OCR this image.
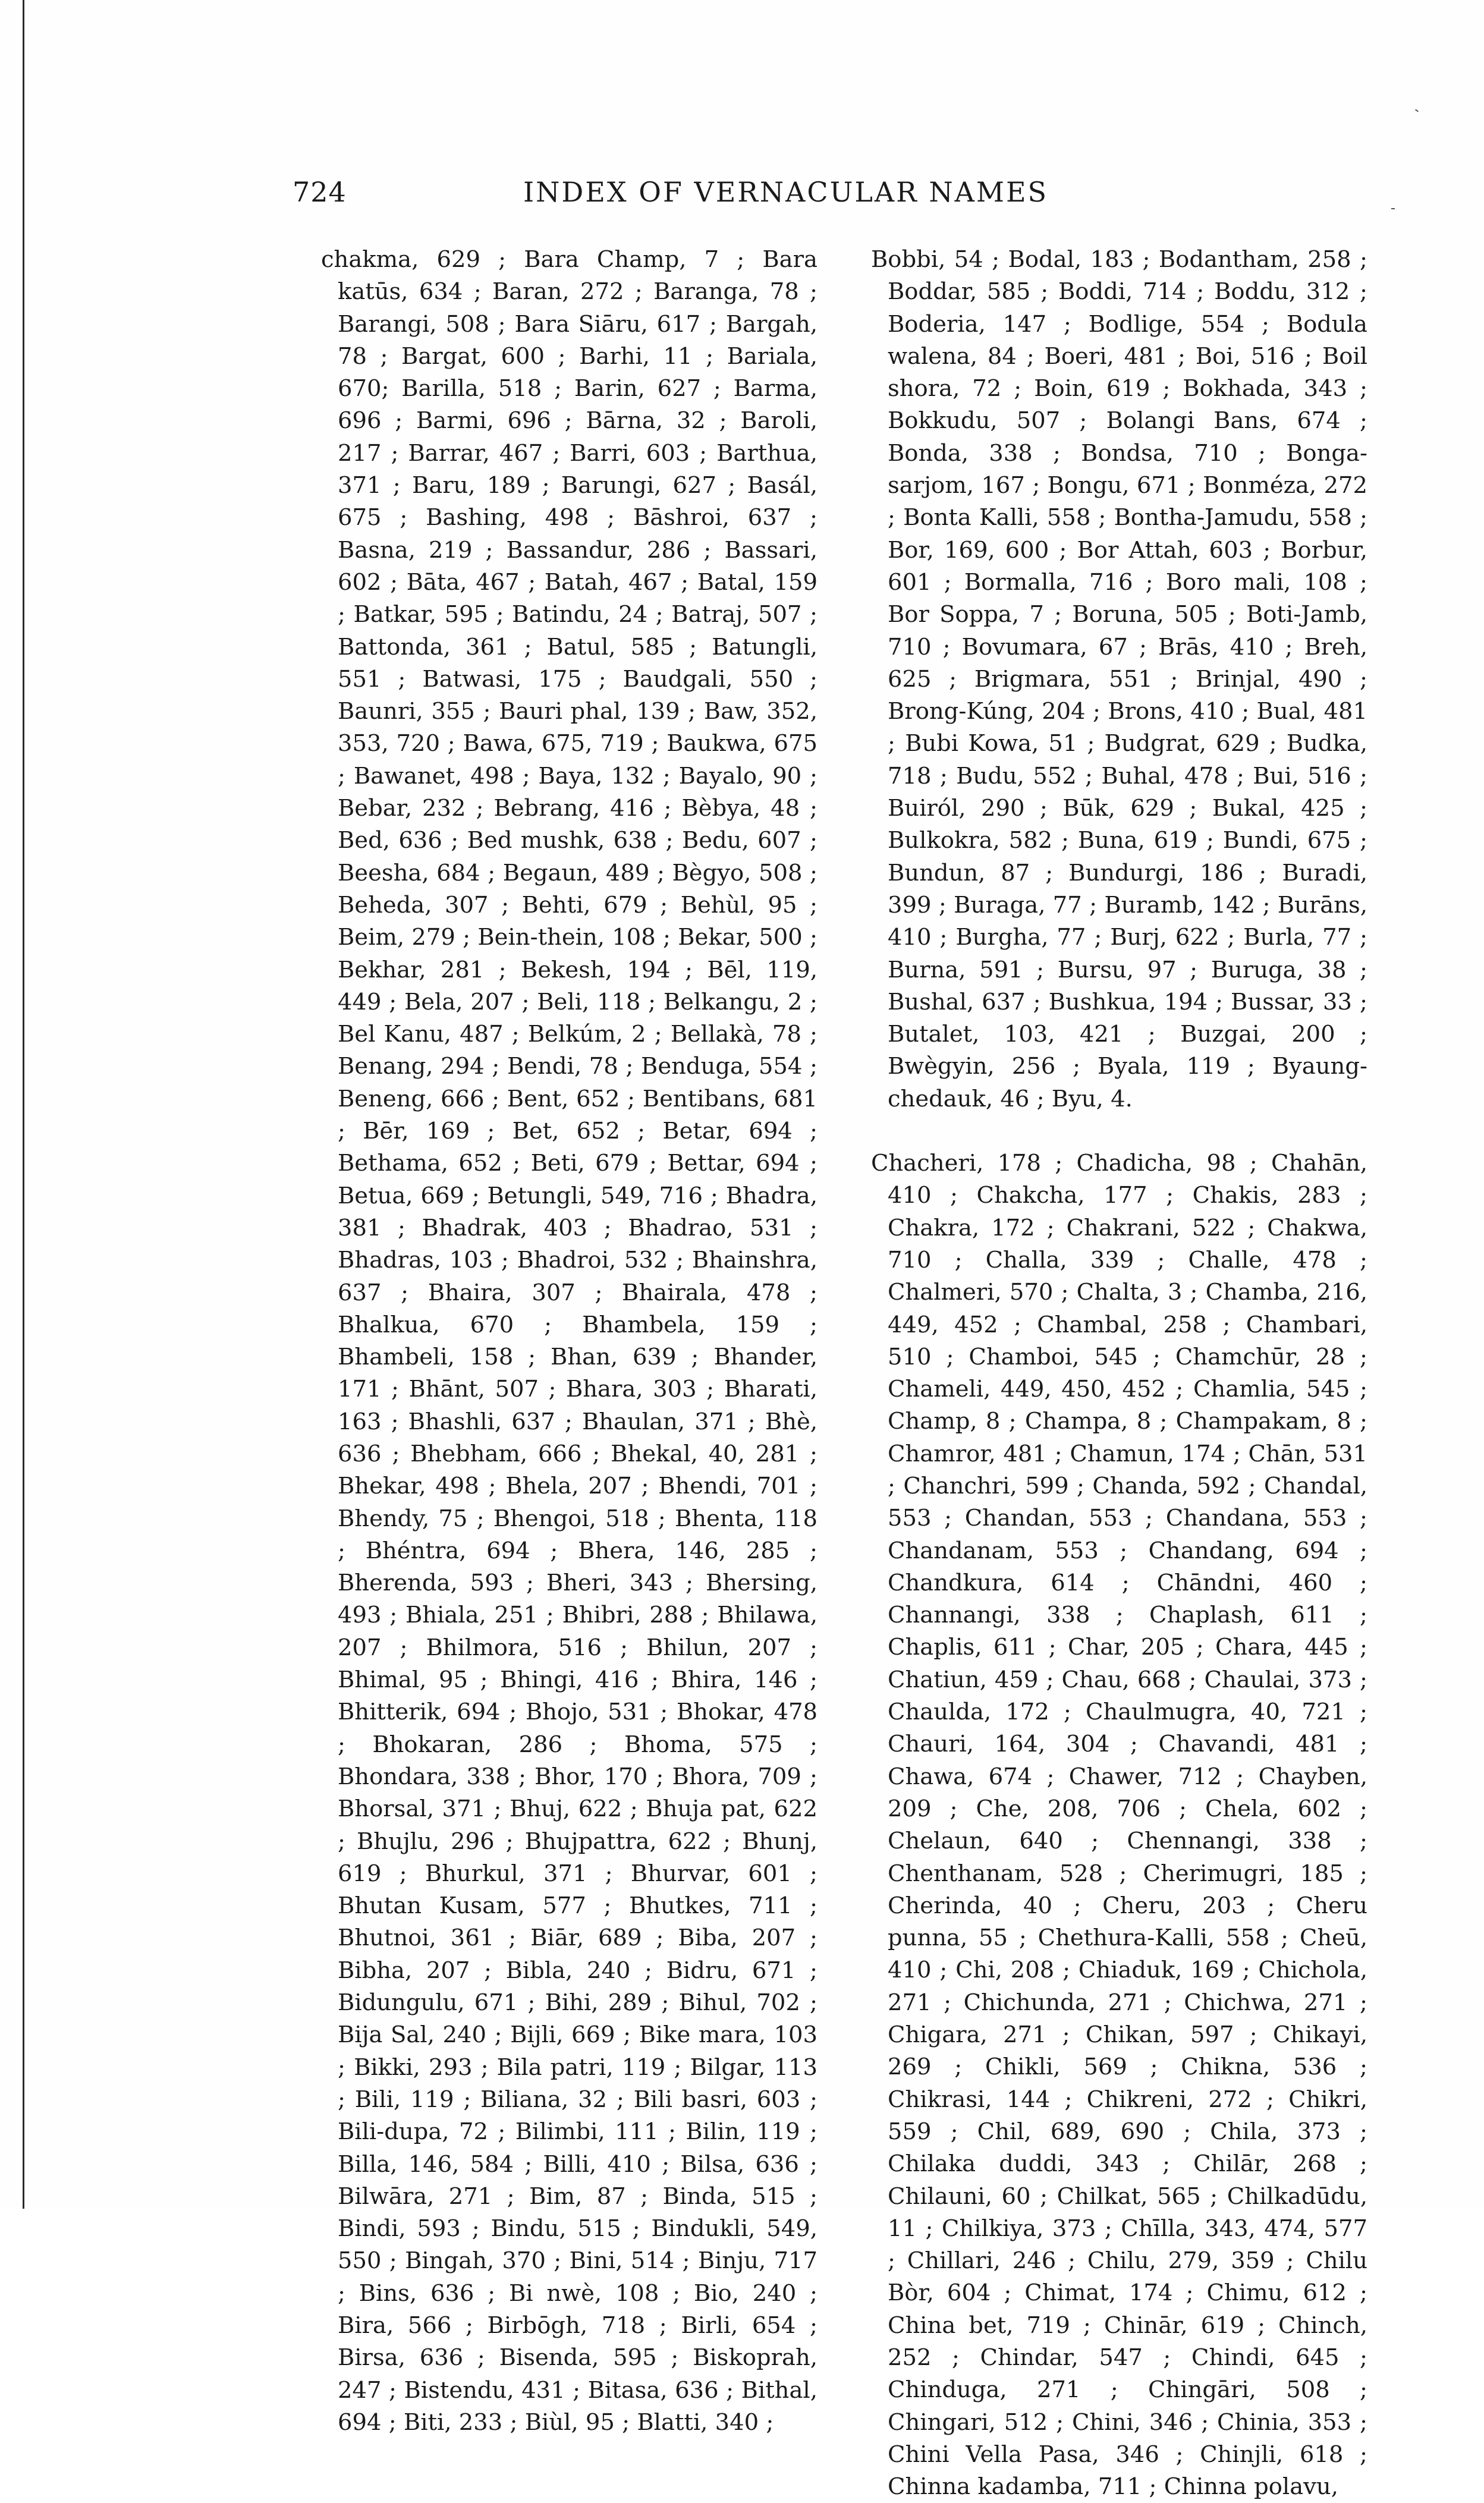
724	INDEX OF VERNACULAR NAMES

chakma, 629 ; Bara Champ, 7 ; Bara katūs, 634 ; Baran, 272 ; Baranga, 78 ; Barangi, 508 ; Bara Siāru, 617 ; Bargah, 78 ; Bargat, 600 ; Barhi, 11 ; Bariala, 670; Barilla, 518 ; Barin, 627 ; Barma, 696 ; Barmi, 696 ; Bārna, 32 ; Baroli, 217 ; Barrar, 467 ; Barri, 603 ; Barthua, 371 ; Baru, 189 ; Barungi, 627 ; Basál, 675 ; Bashing, 498 ; Bāshroi, 637 ; Basna, 219 ; Bassandur, 286 ; Bassari, 602 ; Bāta, 467 ; Batah, 467 ; Batal, 159 ; Batkar, 595 ; Batindu, 24 ; Batraj, 507 ; Battonda, 361 ; Batul, 585 ; Batungli, 551 ; Batwasi, 175 ; Baudgali, 550 ; Baunri, 355 ; Bauri phal, 139 ; Baw, 352, 353, 720 ; Bawa, 675, 719 ; Baukwa, 675 ; Bawanet, 498 ; Baya, 132 ; Bayalo, 90 ; Bebar, 232 ; Bebrang, 416 ; Bèbya, 48 ; Bed, 636 ; Bed mushk, 638 ; Bedu, 607 ; Beesha, 684 ; Begaun, 489 ; Bègyo, 508 ; Beheda, 307 ; Behti, 679 ; Behùl, 95 ; Beim, 279 ; Bein-thein, 108 ; Bekar, 500 ; Bekhar, 281 ; Bekesh, 194 ; Bēl, 119, 449 ; Bela, 207 ; Beli, 118 ; Belkangu, 2 ; Bel Kanu, 487 ; Belkúm, 2 ; Bellakà, 78 ; Benang, 294 ; Bendi, 78 ; Benduga, 554 ; Beneng, 666 ; Bent, 652 ; Bentibans, 681 ; Bēr, 169 ; Bet, 652 ; Betar, 694 ; Bethama, 652 ; Beti, 679 ; Bettar, 694 ; Betua, 669 ; Betungli, 549, 716 ; Bhadra, 381 ; Bhadrak, 403 ; Bhadrao, 531 ; Bhadras, 103 ; Bhadroi, 532 ; Bhainshra, 637 ; Bhaira, 307 ; Bhairala, 478 ; Bhalkua, 670 ; Bhambela, 159 ; Bhambeli, 158 ; Bhan, 639 ; Bhander, 171 ; Bhānt, 507 ; Bhara, 303 ; Bharati, 163 ; Bhashli, 637 ; Bhaulan, 371 ; Bhè, 636 ; Bhebham, 666 ; Bhekal, 40, 281 ; Bhekar, 498 ; Bhela, 207 ; Bhendi, 701 ; Bhendy, 75 ; Bhengoi, 518 ; Bhenta, 118 ; Bhéntra, 694 ; Bhera, 146, 285 ; Bherenda, 593 ; Bheri, 343 ; Bhersing, 493 ; Bhiala, 251 ; Bhibri, 288 ; Bhilawa, 207 ; Bhilmora, 516 ; Bhilun, 207 ; Bhimal, 95 ; Bhingi, 416 ; Bhira, 146 ; Bhitterik, 694 ; Bhojo, 531 ; Bhokar, 478 ; Bhokaran, 286 ; Bhoma, 575 ; Bhondara, 338 ; Bhor, 170 ; Bhora, 709 ; Bhorsal, 371 ; Bhuj, 622 ; Bhuja pat, 622 ; Bhujlu, 296 ; Bhujpattra, 622 ; Bhunj, 619 ; Bhurkul, 371 ; Bhurvar, 601 ; Bhutan Kusam, 577 ; Bhutkes, 711 ; Bhutnoi, 361 ; Biār, 689 ; Biba, 207 ; Bibha, 207 ; Bibla, 240 ; Bidru, 671 ; Bidungulu, 671 ; Bihi, 289 ; Bihul, 702 ; Bija Sal, 240 ; Bijli, 669 ; Bike mara, 103 ; Bikki, 293 ; Bila patri, 119 ; Bilgar, 113 ; Bili, 119 ; Biliana, 32 ; Bili basri, 603 ; Bili-dupa, 72 ; Bilimbi, 111 ; Bilin, 119 ; Billa, 146, 584 ; Billi, 410 ; Bilsa, 636 ; Bilwāra, 271 ; Bim, 87 ; Binda, 515 ; Bindi, 593 ; Bindu, 515 ; Bindukli, 549, 550 ; Bingah, 370 ; Bini, 514 ; Binju, 717 ; Bins, 636 ; Bi nwè, 108 ; Bio, 240 ; Bira, 566 ; Birbōgh, 718 ; Birli, 654 ; Birsa, 636 ; Bisenda, 595 ; Biskoprah, 247 ; Bistendu, 431 ; Bitasa, 636 ; Bithal, 694 ; Biti, 233 ; Biùl, 95 ; Blatti, 340 ;

Bobbi, 54 ; Bodal, 183 ; Bodantham, 258 ; Boddar, 585 ; Boddi, 714 ; Boddu, 312 ; Boderia, 147 ; Bodlige, 554 ; Bodula walena, 84 ; Boeri, 481 ; Boi, 516 ; Boil shora, 72 ; Boin, 619 ; Bokhada, 343 ; Bokkudu, 507 ; Bolangi Bans, 674 ; Bonda, 338 ; Bondsa, 710 ; Bonga-sarjom, 167 ; Bongu, 671 ; Bonméza, 272 ; Bonta Kalli, 558 ; Bontha-Jamudu, 558 ; Bor, 169, 600 ; Bor Attah, 603 ; Borbur, 601 ; Bormalla, 716 ; Boro mali, 108 ; Bor Soppa, 7 ; Boruna, 505 ; Boti-Jamb, 710 ; Bovumara, 67 ; Brās, 410 ; Breh, 625 ; Brigmara, 551 ; Brinjal, 490 ; Brong-Kúng, 204 ; Brons, 410 ; Bual, 481 ; Bubi Kowa, 51 ; Budgrat, 629 ; Budka, 718 ; Budu, 552 ; Buhal, 478 ; Bui, 516 ; Buiról, 290 ; Būk, 629 ; Bukal, 425 ; Bulkokra, 582 ; Buna, 619 ; Bundi, 675 ; Bundun, 87 ; Bundurgi, 186 ; Buradi, 399 ; Buraga, 77 ; Buramb, 142 ; Burāns, 410 ; Burgha, 77 ; Burj, 622 ; Burla, 77 ; Burna, 591 ; Bursu, 97 ; Buruga, 38 ; Bushal, 637 ; Bushkua, 194 ; Bussar, 33 ; Butalet, 103, 421 ; Buzgai, 200 ; Bwègyin, 256 ; Byala, 119 ; Byaung-chedauk, 46 ; Byu, 4.

Chacheri, 178 ; Chadicha, 98 ; Chahān, 410 ; Chakcha, 177 ; Chakis, 283 ; Chakra, 172 ; Chakrani, 522 ; Chakwa, 710 ; Challa, 339 ; Challe, 478 ; Chalmeri, 570 ; Chalta, 3 ; Chamba, 216, 449, 452 ; Chambal, 258 ; Chambari, 510 ; Chamboi, 545 ; Chamchūr, 28 ; Chameli, 449, 450, 452 ; Chamlia, 545 ; Champ, 8 ; Champa, 8 ; Champakam, 8 ; Chamror, 481 ; Chamun, 174 ; Chān, 531 ; Chanchri, 599 ; Chanda, 592 ; Chandal, 553 ; Chandan, 553 ; Chandana, 553 ; Chandanam, 553 ; Chandang, 694 ; Chandkura, 614 ; Chāndni, 460 ; Channangi, 338 ; Chaplash, 611 ; Chaplis, 611 ; Char, 205 ; Chara, 445 ; Chatiun, 459 ; Chau, 668 ; Chaulai, 373 ; Chaulda, 172 ; Chaulmugra, 40, 721 ; Chauri, 164, 304 ; Chavandi, 481 ; Chawa, 674 ; Chawer, 712 ; Chayben, 209 ; Che, 208, 706 ; Chela, 602 ; Chelaun, 640 ; Chennangi, 338 ; Chenthanam, 528 ; Cherimugri, 185 ; Cherinda, 40 ; Cheru, 203 ; Cheru punna, 55 ; Chethura-Kalli, 558 ; Cheū, 410 ; Chi, 208 ; Chiaduk, 169 ; Chichola, 271 ; Chichunda, 271 ; Chichwa, 271 ; Chigara, 271 ; Chikan, 597 ; Chikayi, 269 ; Chikli, 569 ; Chikna, 536 ; Chikrasi, 144 ; Chikreni, 272 ; Chikri, 559 ; Chil, 689, 690 ; Chila, 373 ; Chilaka duddi, 343 ; Chilār, 268 ; Chilauni, 60 ; Chilkat, 565 ; Chilkadūdu, 11 ; Chilkiya, 373 ; Chīlla, 343, 474, 577 ; Chillari, 246 ; Chilu, 279, 359 ; Chilu Bòr, 604 ; Chimat, 174 ; Chimu, 612 ; China bet, 719 ; Chinār, 619 ; Chinch, 252 ; Chindar, 547 ; Chindi, 645 ; Chinduga, 271 ; Chingāri, 508 ; Chingari, 512 ; Chini, 346 ; Chinia, 353 ; Chini Vella Pasa, 346 ; Chinjli, 618 ; Chinna kadamba, 711 ; Chinna polavu,
